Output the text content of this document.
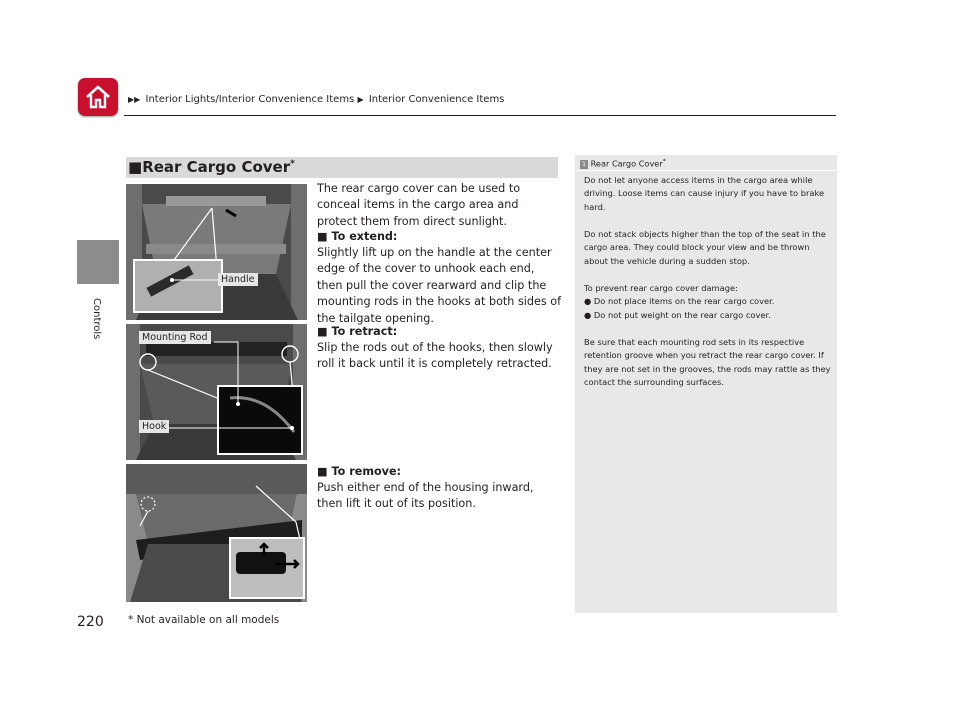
▶▶ Interior Lights/Interior Convenience Items ▶ Interior Convenience Items
Controls
220
■Rear Cargo Cover*
The rear cargo cover can be used to conceal items in the cargo area and protect them from direct sunlight.
■ To extend:
Slightly lift up on the handle at the center edge of the cover to unhook each end, then pull the cover rearward and clip the mounting rods in the hooks at both sides of the tailgate opening.
■ To retract:
Slip the rods out of the hooks, then slowly roll it back until it is completely retracted.
■ To remove:
Push either end of the housing inward, then lift it out of its position.
Handle
Mounting Rod
Hook
1 Rear Cargo Cover*
Do not let anyone access items in the cargo area while driving. Loose items can cause injury if you have to brake hard.
Do not stack objects higher than the top of the seat in the cargo area. They could block your view and be thrown about the vehicle during a sudden stop.
To prevent rear cargo cover damage:
● Do not place items on the rear cargo cover.
● Do not put weight on the rear cargo cover.
Be sure that each mounting rod sets in its respective retention groove when you retract the rear cargo cover. If they are not set in the grooves, the rods may rattle as they contact the surrounding surfaces.
* Not available on all models
